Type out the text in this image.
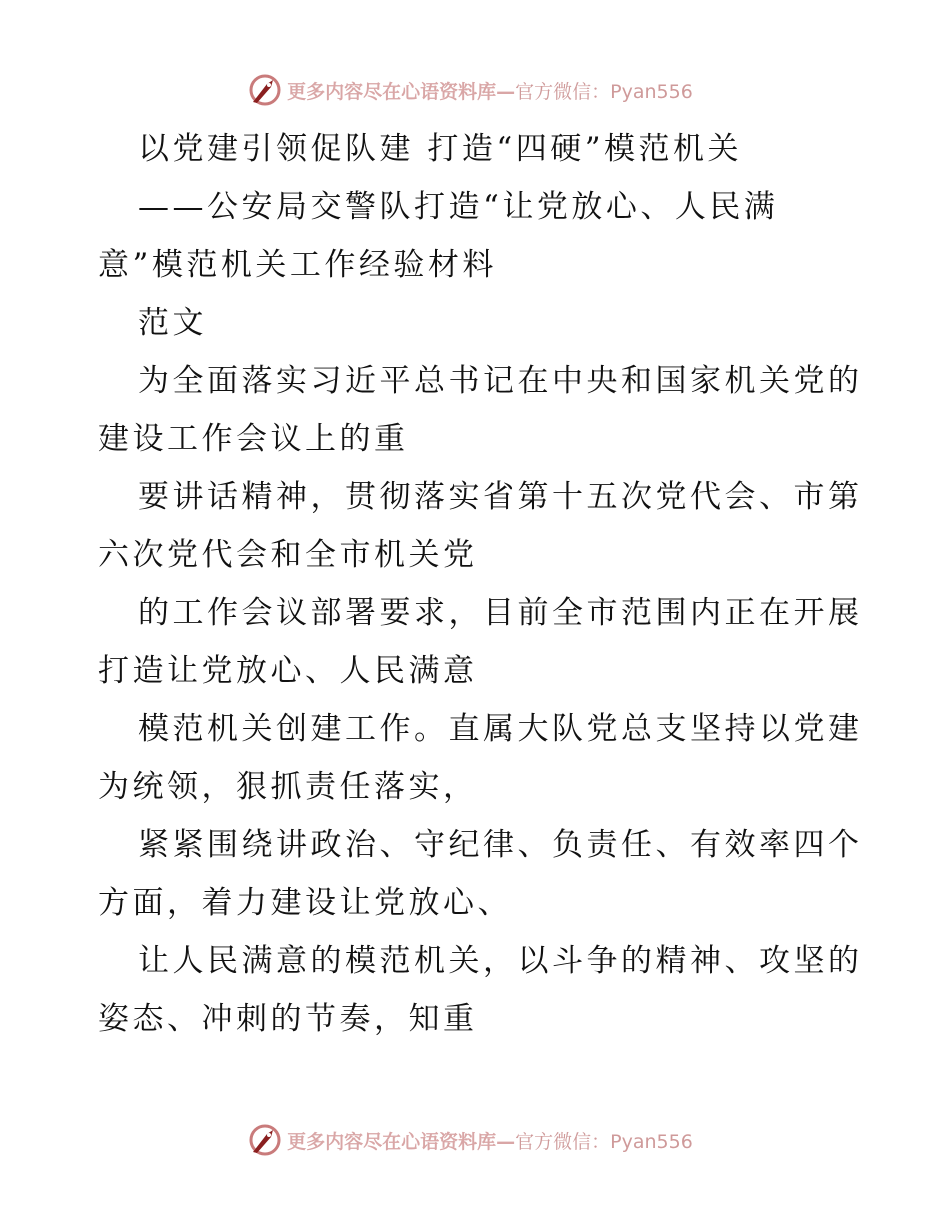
更多内容尽在心语资料库—官方微信：Pyan556
以党建引领促队建 打造“四硬”模范机关
——公安局交警队打造“让党放心、人民满
意”模范机关工作经验材料
范文
为全面落实习近平总书记在中央和国家机关党的
建设工作会议上的重
要讲话精神，贯彻落实省第十五次党代会、市第
六次党代会和全市机关党
的工作会议部署要求，目前全市范围内正在开展
打造让党放心、人民满意
模范机关创建工作。直属大队党总支坚持以党建
为统领，狠抓责任落实，
紧紧围绕讲政治、守纪律、负责任、有效率四个
方面，着力建设让党放心、
让人民满意的模范机关，以斗争的精神、攻坚的
姿态、冲刺的节奏，知重
更多内容尽在心语资料库—官方微信：Pyan556
